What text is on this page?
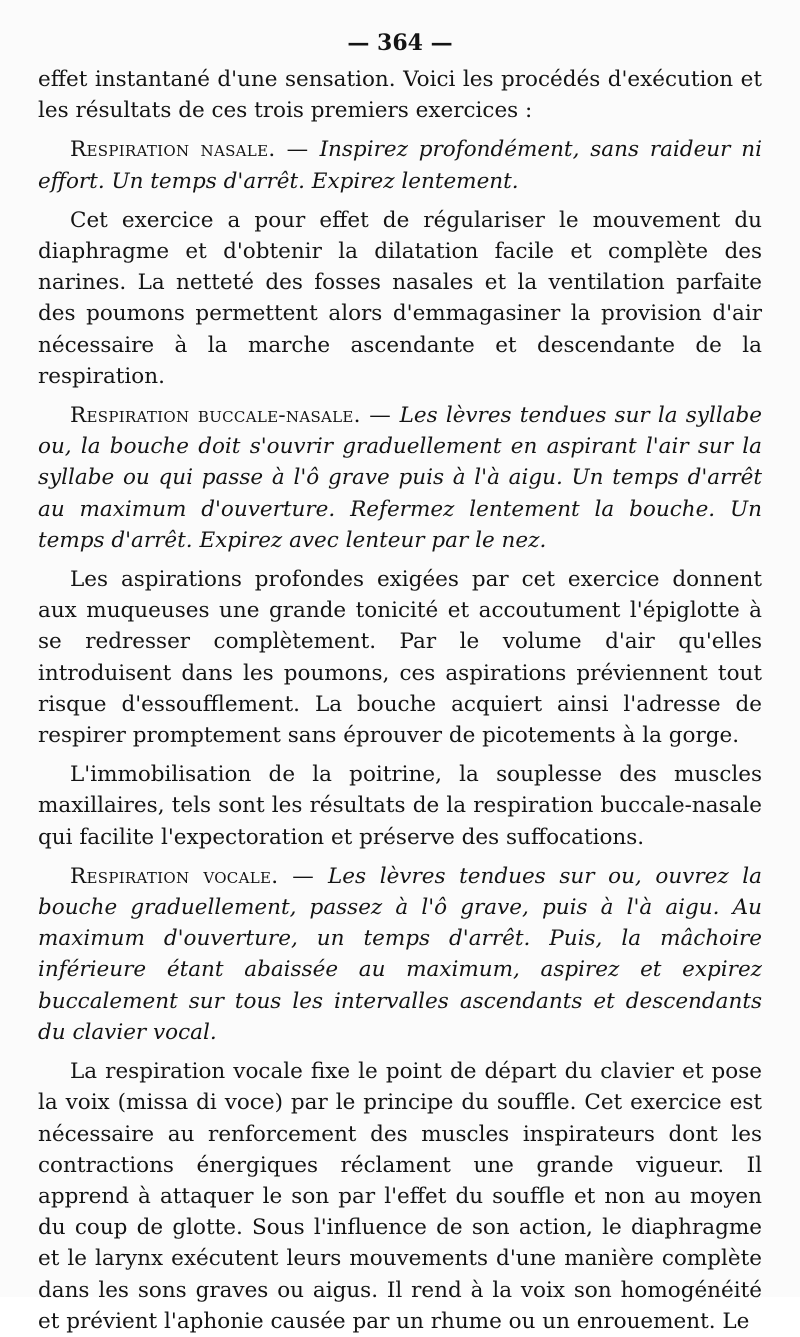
— 364 —

effet instantané d'une sensation. Voici les procédés d'exécution et les résultats de ces trois premiers exercices :

Respiration nasale. — Inspirez profondément, sans raideur ni effort. Un temps d'arrêt. Expirez lentement.

Cet exercice a pour effet de régulariser le mouvement du diaphragme et d'obtenir la dilatation facile et complète des narines. La netteté des fosses nasales et la ventilation parfaite des poumons permettent alors d'emmagasiner la provision d'air nécessaire à la marche ascendante et descendante de la respiration.

Respiration buccale-nasale. — Les lèvres tendues sur la syllabe ou, la bouche doit s'ouvrir graduellement en aspirant l'air sur la syllabe ou qui passe à l'ô grave puis à l'à aigu. Un temps d'arrêt au maximum d'ouverture. Refermez lentement la bouche. Un temps d'arrêt. Expirez avec lenteur par le nez.

Les aspirations profondes exigées par cet exercice donnent aux muqueuses une grande tonicité et accoutument l'épiglotte à se redresser complètement. Par le volume d'air qu'elles introduisent dans les poumons, ces aspirations préviennent tout risque d'essoufflement. La bouche acquiert ainsi l'adresse de respirer promptement sans éprouver de picotements à la gorge.

L'immobilisation de la poitrine, la souplesse des muscles maxillaires, tels sont les résultats de la respiration buccale-nasale qui facilite l'expectoration et préserve des suffocations.

Respiration vocale. — Les lèvres tendues sur ou, ouvrez la bouche graduellement, passez à l'ô grave, puis à l'à aigu. Au maximum d'ouverture, un temps d'arrêt. Puis, la mâchoire inférieure étant abaissée au maximum, aspirez et expirez buccalement sur tous les intervalles ascendants et descendants du clavier vocal.

La respiration vocale fixe le point de départ du clavier et pose la voix (missa di voce) par le principe du souffle. Cet exercice est nécessaire au renforcement des muscles inspirateurs dont les contractions énergiques réclament une grande vigueur. Il apprend à attaquer le son par l'effet du souffle et non au moyen du coup de glotte. Sous l'influence de son action, le diaphragme et le larynx exécutent leurs mouvements d'une manière complète dans les sons graves ou aigus. Il rend à la voix son homogénéité et prévient l'aphonie causée par un rhume ou un enrouement. Le
